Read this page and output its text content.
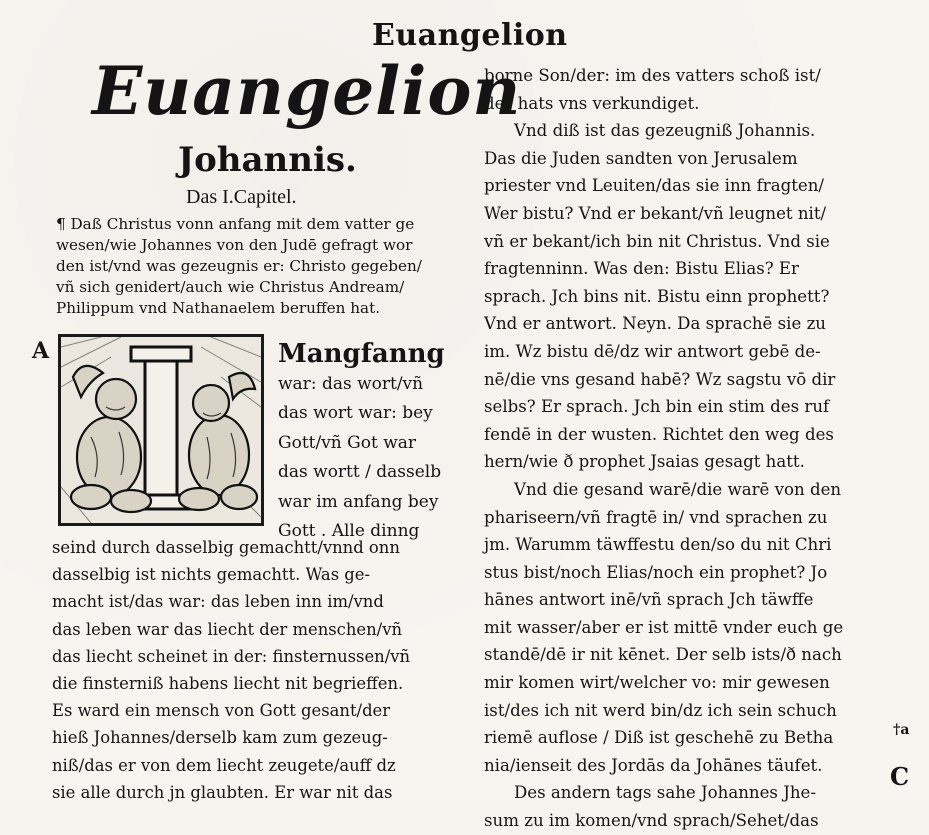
Euangelion
Euangelion
Johannis.
Das I.Capitel.
¶ Daß Christus vonn anfang mit dem vatter ge
wesen/wie Johannes von den Judē gefragt wor
den ist/vnd was gezeugnis er: Christo gegeben/
vñ sich genidert/auch wie Christus Andream/
Philippum vnd Nathanaelem beruffen hat.
A	Mangfanng
war: das wort/vñ
das wort war: bey
Gott/vñ Got war
das wortt / dasselb
war im anfang bey
Gott . Alle dinng
seind durch dasselbig gemachtt/vnnd onn
dasselbig ist nichts gemachtt. Was ge-
macht ist/das war: das leben inn im/vnd
das leben war das liecht der menschen/vñ
das liecht scheinet in der: finsternussen/vñ
die finsterniß habens liecht nit begrieffen.
Es ward ein mensch von Gott gesant/der
hieß Johannes/derselb kam zum gezeug-
niß/das er von dem liecht zeugete/auff dz
sie alle durch jn glaubten. Er war nit das
borne Son/der: im des vatters schoß ist/
der hats vns verkundiget.
Vnd diß ist das gezeugniß Johannis.
Das die Juden sandten von Jerusalem
priester vnd Leuiten/das sie inn fragten/
Wer bistu? Vnd er bekant/vñ leugnet nit/
vñ er bekant/ich bin nit Christus. Vnd sie
fragtenninn. Was den: Bistu Elias? Er
sprach. Jch bins nit. Bistu einn prophett?
Vnd er antwort. Neyn. Da sprachē sie zu
im. Wz bistu dē/dz wir antwort gebē de-
nē/die vns gesand habē? Wz sagstu vō dir
selbs? Er sprach. Jch bin ein stim des ruf
fendē in der wusten. Richtet den weg des
hern/wie ð prophet Jsaias gesagt hatt.
Vnd die gesand warē/die warē von den
phariseern/vñ fragtē in/ vnd sprachen zu
jm. Warumm täwffestu den/so du nit Chri
stus bist/noch Elias/noch ein prophet? Jo
hānes antwort inē/vñ sprach Jch täwffe
mit wasser/aber er ist mittē vnder euch ge
standē/dē ir nit kēnet. Der selb ists/ð nach
mir komen wirt/welcher vo: mir gewesen
ist/des ich nit werd bin/dz ich sein schuch
riemē auflose / Diß ist geschehē zu Betha
nia/ienseit des Jordās da Johānes täufet.
Des andern tags sahe Johannes Jhe-
sum zu im komen/vnd sprach/Sehet/das
†a
C
